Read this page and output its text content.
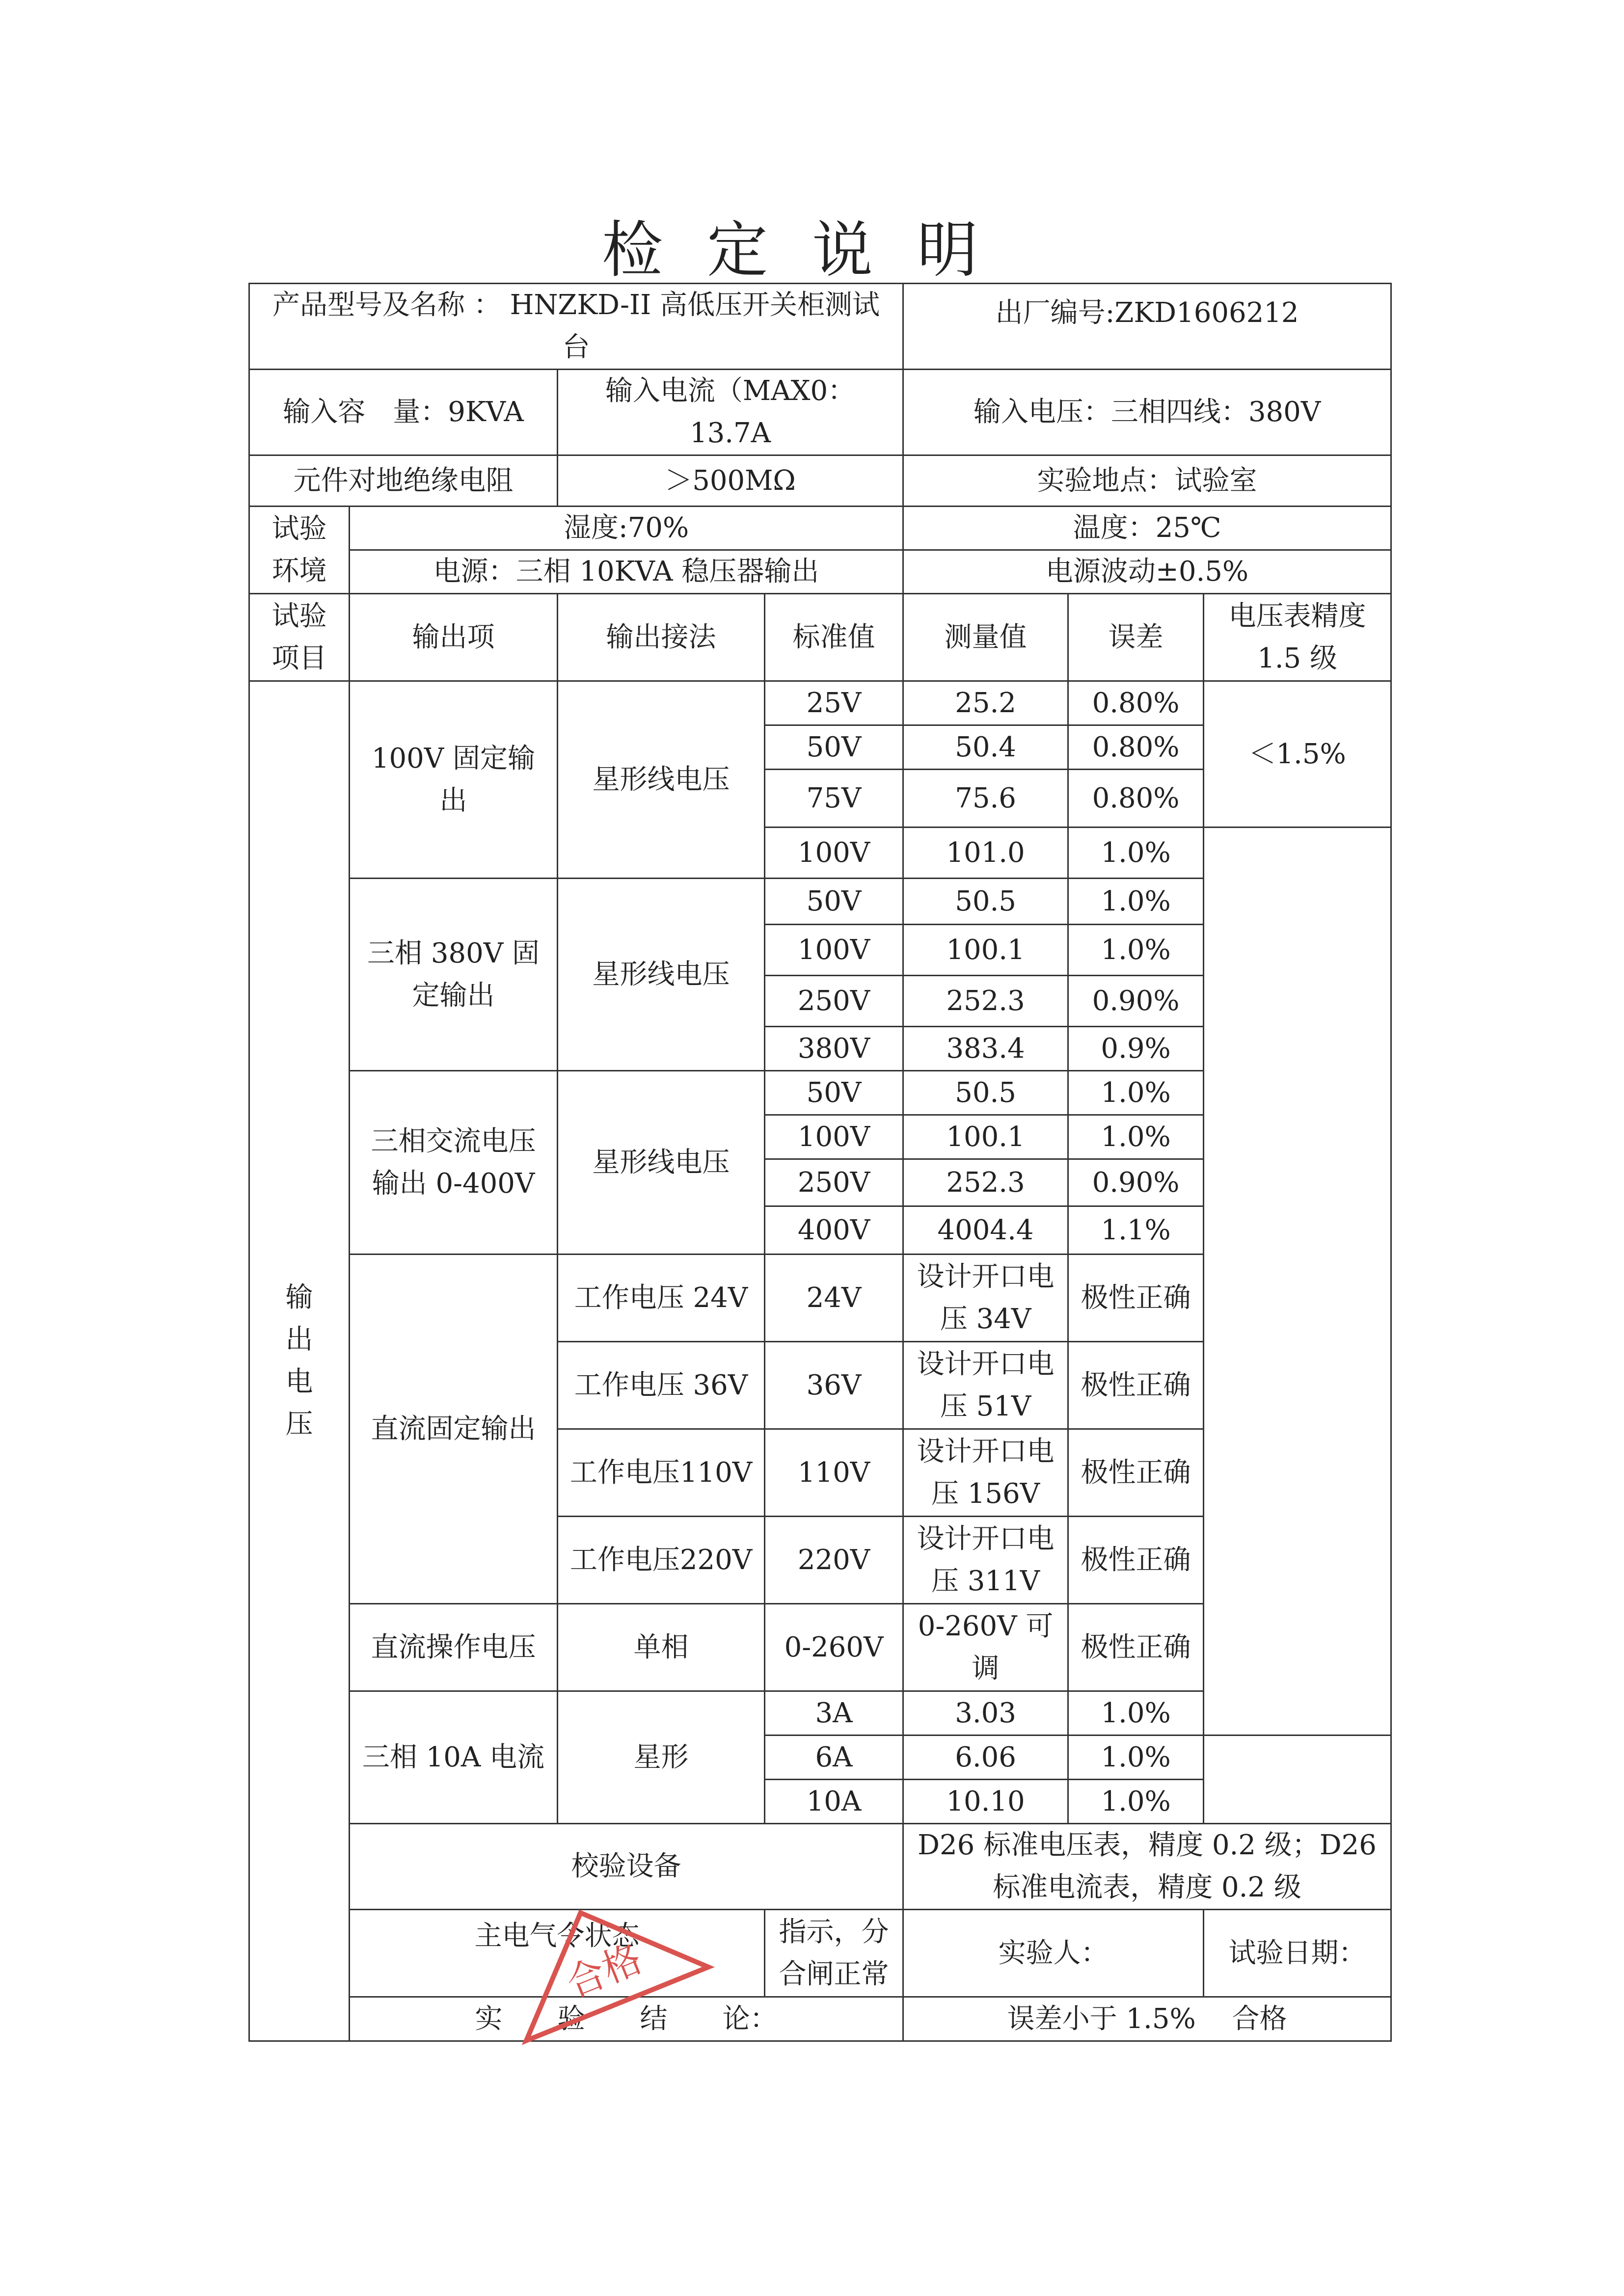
检定说明
产品型号及名称 ： HNZKD-II 高低压开关柜测试台				出厂编号:ZKD1606212			
输入容　量：9KVA		输入电流（MAX0：13.7A		输入电压：三相四线：380V			
元件对地绝缘电阻		＞500MΩ		实验地点：试验室			
试验环境	湿度:70%			温度：25℃			
	电源：三相 10KVA 稳压器输出			电源波动±0.5%			
试验项目	输出项	输出接法	标准值	测量值	误差	电压表精度 1.5 级	

输
出
电
压	100V 固定输出	星形线电压	25V	25.2	0.80%	＜1.5%	
			50V	50.4	0.80%		
			75V	75.6	0.80%		
			100V	101.0	1.0%		
	三相 380V 固定输出	星形线电压	50V	50.5	1.0%		
			100V	100.1	1.0%		
			250V	252.3	0.90%		
			380V	383.4	0.9%		
	三相交流电压输出 0-400V	星形线电压	50V	50.5	1.0%		
			100V	100.1	1.0%		
			250V	252.3	0.90%		
			400V	4004.4	1.1%		
	直流固定输出	工作电压 24V	24V	设计开口电压 34V	极性正确		
		工作电压 36V	36V	设计开口电压 51V	极性正确		
		工作电压110V	110V	设计开口电压 156V	极性正确		
		工作电压220V	220V	设计开口电压 311V	极性正确		
	直流操作电压	单相	0-260V	0-260V 可调	极性正确		
	三相 10A 电流	星形	3A	3.03	1.0%	
			6A	6.06	1.0%		
			10A	10.10	1.0%		
	校验设备			D26 标准电压表，精度 0.2 级；D26 标准电流表，精度 0.2 级			
	主电气令状态		指示，分合闸正常	实验人：		试验日期：	
	实　　验　　结　　论：			误差小于 1.5%　 合格			
合格
